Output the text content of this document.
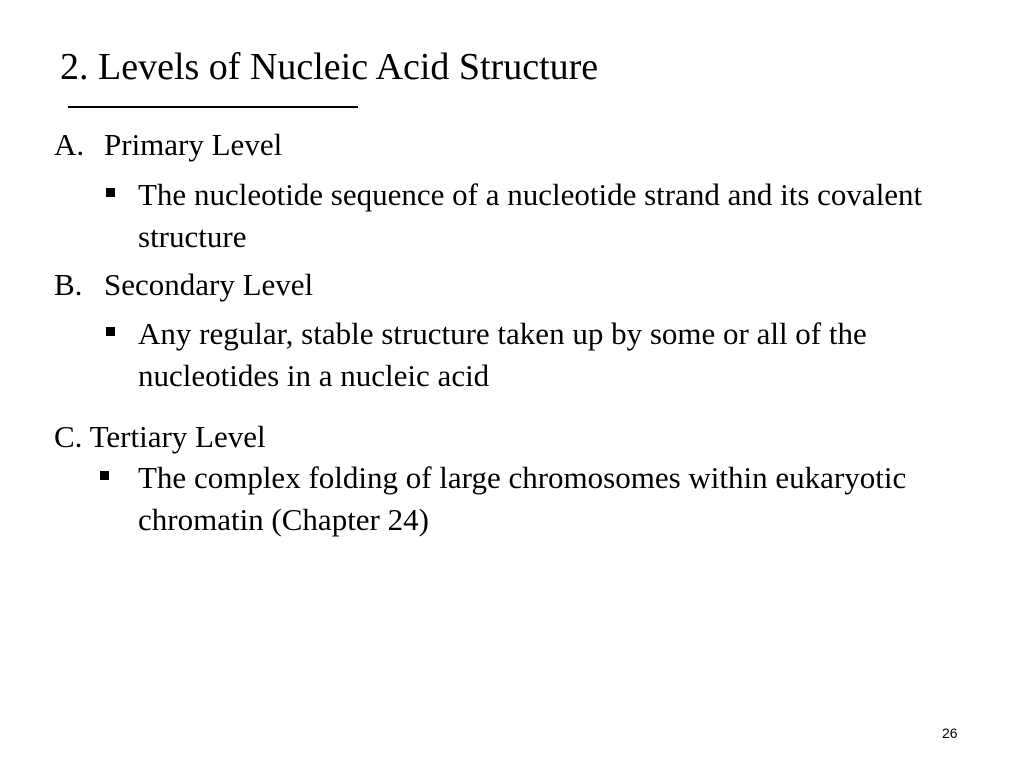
2. Levels of Nucleic Acid Structure
A. Primary Level
The nucleotide sequence of a nucleotide strand and its covalent structure
B. Secondary Level
Any regular, stable structure taken up by some or all of the nucleotides in a nucleic acid
C. Tertiary Level
The complex folding of large chromosomes within eukaryotic chromatin (Chapter 24)
26
